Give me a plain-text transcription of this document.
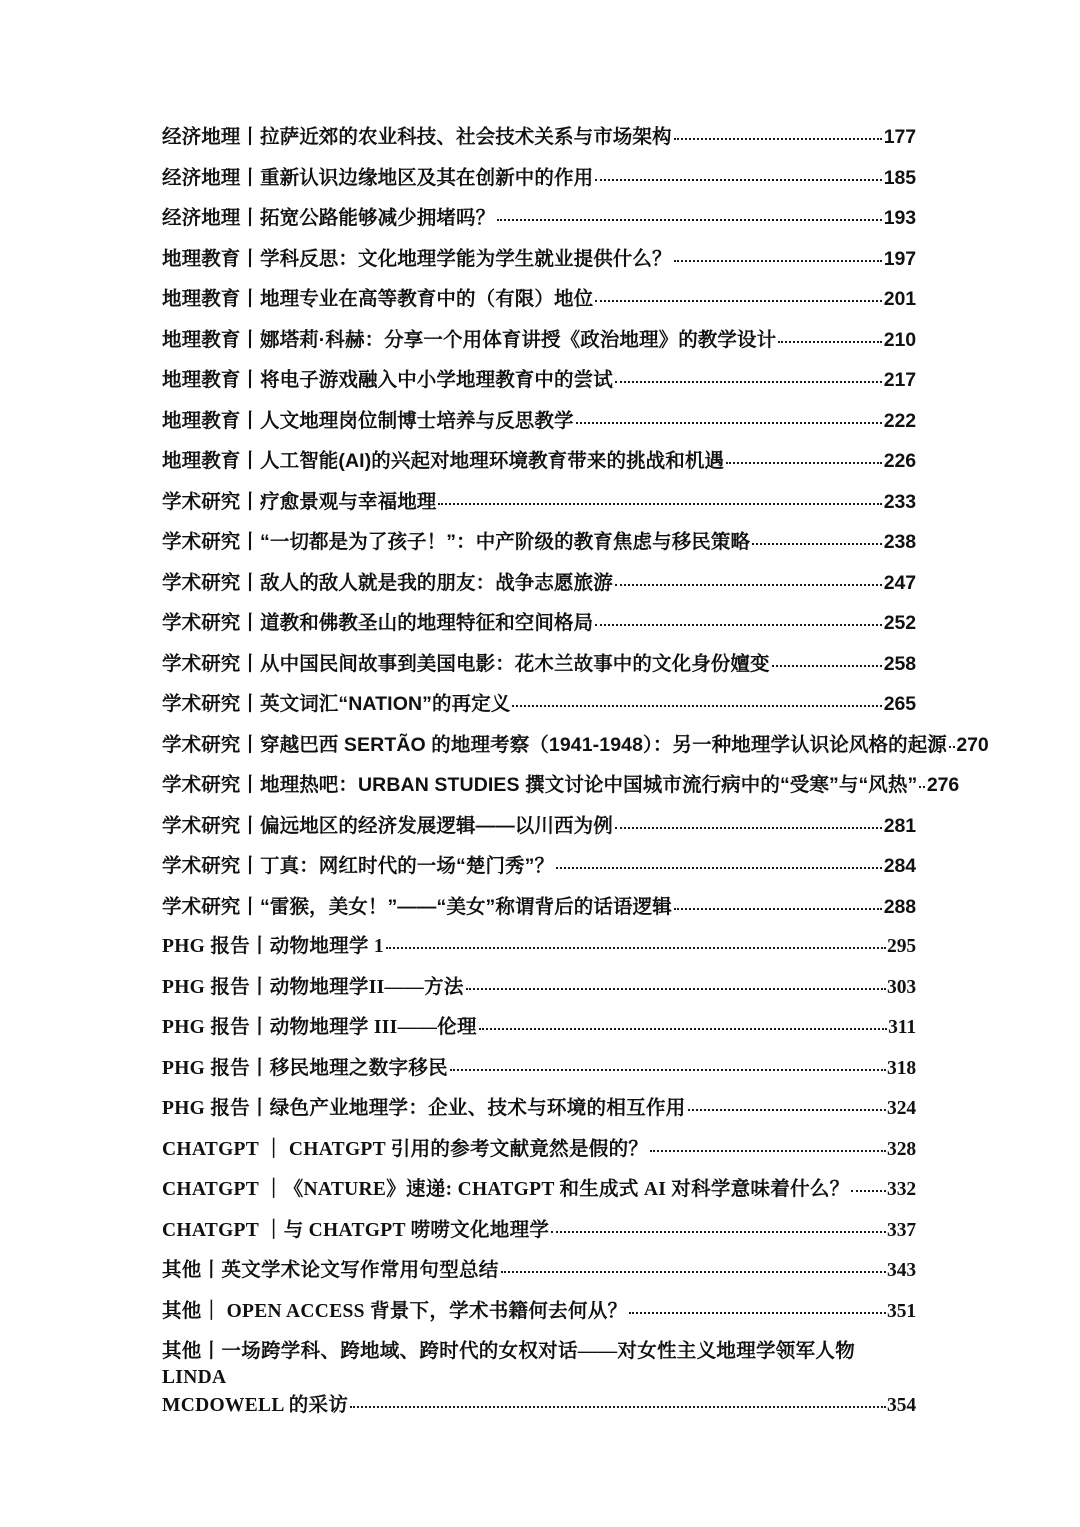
经济地理丨拉萨近郊的农业科技、社会技术关系与市场架构	177
经济地理丨重新认识边缘地区及其在创新中的作用	185
经济地理丨拓宽公路能够减少拥堵吗？	193
地理教育丨学科反思：文化地理学能为学生就业提供什么？	197
地理教育丨地理专业在高等教育中的（有限）地位	201
地理教育丨娜塔莉·科赫：分享一个用体育讲授《政治地理》的教学设计	210
地理教育丨将电子游戏融入中小学地理教育中的尝试	217
地理教育丨人文地理岗位制博士培养与反思教学	222
地理教育丨人工智能(AI)的兴起对地理环境教育带来的挑战和机遇	226
学术研究丨疗愈景观与幸福地理	233
学术研究丨“一切都是为了孩子！”：中产阶级的教育焦虑与移民策略	238
学术研究丨敌人的敌人就是我的朋友：战争志愿旅游	247
学术研究丨道教和佛教圣山的地理特征和空间格局	252
学术研究丨从中国民间故事到美国电影：花木兰故事中的文化身份嬗变	258
学术研究丨英文词汇“NATION”的再定义	265
学术研究丨穿越巴西 SERTÃO 的地理考察（1941-1948）：另一种地理学认识论风格的起源 270
学术研究丨地理热吧：URBAN STUDIES 撰文讨论中国城市流行病中的“受寒”与“风热” 276
学术研究丨偏远地区的经济发展逻辑——以川西为例	281
学术研究丨丁真：网红时代的一场“楚门秀”？	284
学术研究丨“雷猴，美女！”——“美女”称谓背后的话语逻辑	288
PHG 报告丨动物地理学 1	295
PHG 报告丨动物地理学II——方法	303
PHG 报告丨动物地理学 III——伦理	311
PHG 报告丨移民地理之数字移民	318
PHG 报告丨绿色产业地理学：企业、技术与环境的相互作用	324
CHATGPT ｜ CHATGPT 引用的参考文献竟然是假的？	328
CHATGPT ｜《NATURE》速递: CHATGPT 和生成式 AI 对科学意味着什么？ 332
CHATGPT ｜与 CHATGPT 唠唠文化地理学	337
其他丨英文学术论文写作常用句型总结	343
其他｜ OPEN ACCESS 背景下，学术书籍何去何从？	351
其他丨一场跨学科、跨地域、跨时代的女权对话——对女性主义地理学领军人物 LINDA
MCDOWELL 的采访	354
